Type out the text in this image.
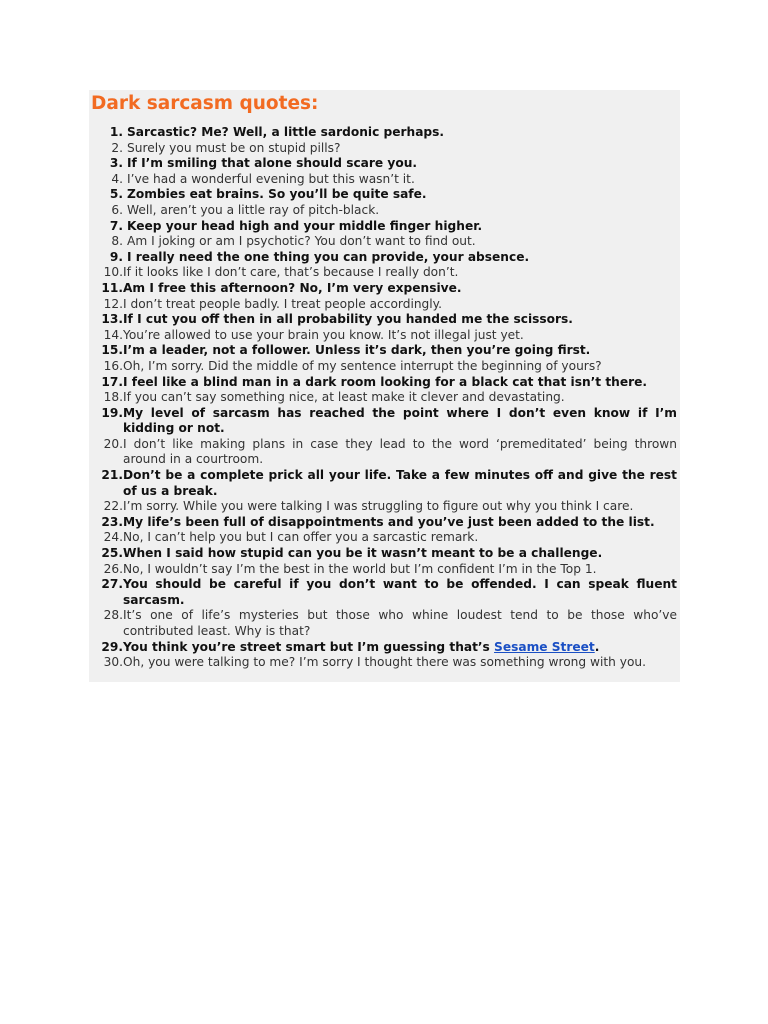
Dark sarcasm quotes:
1. Sarcastic? Me? Well, a little sardonic perhaps.
2. Surely you must be on stupid pills?
3. If I’m smiling that alone should scare you.
4. I’ve had a wonderful evening but this wasn’t it.
5. Zombies eat brains. So you’ll be quite safe.
6. Well, aren’t you a little ray of pitch-black.
7. Keep your head high and your middle finger higher.
8. Am I joking or am I psychotic? You don’t want to find out.
9. I really need the one thing you can provide, your absence.
10. If it looks like I don’t care, that’s because I really don’t.
11. Am I free this afternoon? No, I’m very expensive.
12. I don’t treat people badly. I treat people accordingly.
13. If I cut you off then in all probability you handed me the scissors.
14. You’re allowed to use your brain you know. It’s not illegal just yet.
15. I’m a leader, not a follower. Unless it’s dark, then you’re going first.
16. Oh, I’m sorry. Did the middle of my sentence interrupt the beginning of yours?
17. I feel like a blind man in a dark room looking for a black cat that isn’t there.
18. If you can’t say something nice, at least make it clever and devastating.
19. My level of sarcasm has reached the point where I don’t even know if I’m kidding or not.
20. I don’t like making plans in case they lead to the word ‘premeditated’ being thrown around in a courtroom.
21. Don’t be a complete prick all your life. Take a few minutes off and give the rest of us a break.
22. I’m sorry. While you were talking I was struggling to figure out why you think I care.
23. My life’s been full of disappointments and you’ve just been added to the list.
24. No, I can’t help you but I can offer you a sarcastic remark.
25. When I said how stupid can you be it wasn’t meant to be a challenge.
26. No, I wouldn’t say I’m the best in the world but I’m confident I’m in the Top 1.
27. You should be careful if you don’t want to be offended. I can speak fluent sarcasm.
28. It’s one of life’s mysteries but those who whine loudest tend to be those who’ve contributed least. Why is that?
29. You think you’re street smart but I’m guessing that’s Sesame Street.
30. Oh, you were talking to me? I’m sorry I thought there was something wrong with you.
